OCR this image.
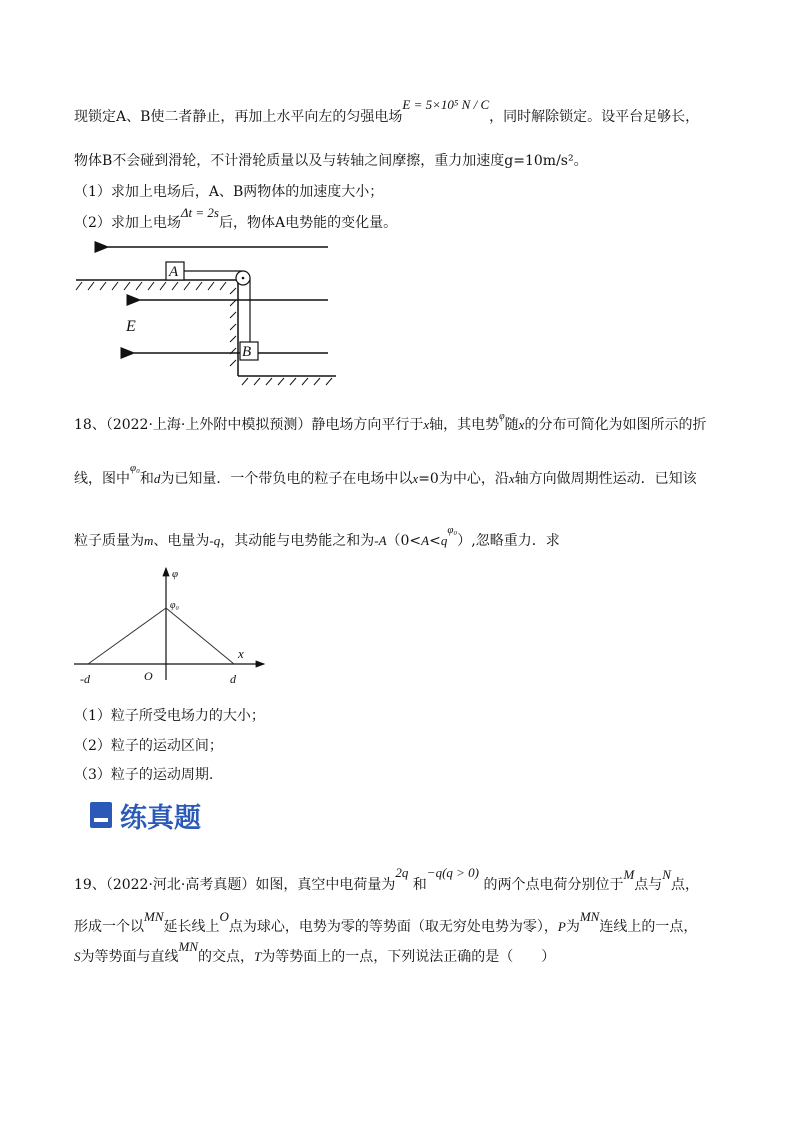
现锁定A、B使二者静止，再加上水平向左的匀强电场E = 5×10⁵ N / C，同时解除锁定。设平台足够长，
物体B不会碰到滑轮，不计滑轮质量以及与转轴之间摩擦，重力加速度g=10m/s²。
（1）求加上电场后，A、B两物体的加速度大小；
（2）求加上电场Δt = 2s后，物体A电势能的变化量。
A
B
E
18、（2022·上海·上外附中模拟预测）静电场方向平行于x轴，其电势$^\varphi$随x的分布可简化为如图所示的折
线，图中$^{\varphi_0}$和d为已知量．一个带负电的粒子在电场中以x=0为中心，沿x轴方向做周期性运动．已知该
粒子质量为m、电量为-q，其动能与电势能之和为$-A(0<A<q^{\varphi_0})$,忽略重力．求
φ
φ₀
x
O
-d	d
（1）粒子所受电场力的大小；
（2）粒子的运动区间；
（3）粒子的运动周期.
练真题
19、（2022·河北·高考真题）如图，真空中电荷量为2q 和−q(q > 0) 的两个点电荷分别位于M点与N点，
形成一个以MN延长线上O点为球心，电势为零的等势面（取无穷处电势为零），P为MN连线上的一点，
S为等势面与直线MN的交点，T为等势面上的一点，下列说法正确的是（　　）
